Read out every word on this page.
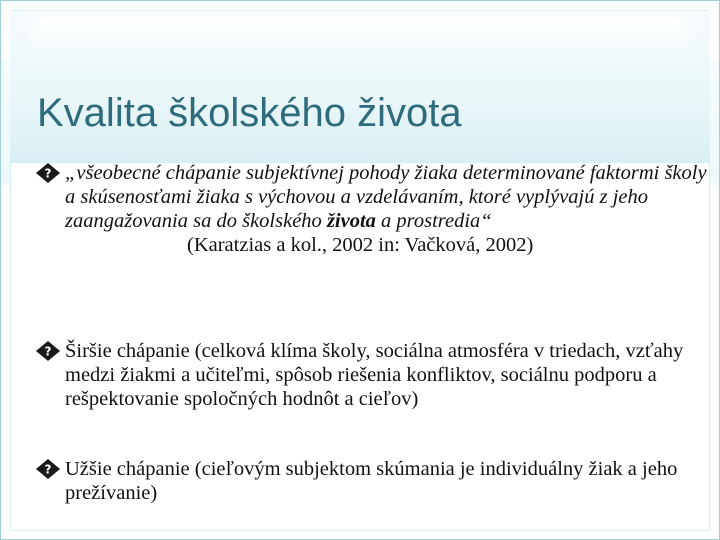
Kvalita školského života

? „všeobecné chápanie subjektívnej pohody žiaka determinované faktormi školy a skúsenosťami žiaka s výchovou a vzdelávaním, ktoré vyplývajú z jeho zaangažovania sa do školského života a prostredia“
(Karatzias a kol., 2002 in: Vačková, 2002)

? Širšie chápanie (celková klíma školy, sociálna atmosféra v triedach, vzťahy medzi žiakmi a učiteľmi, spôsob riešenia konfliktov, sociálnu podporu a rešpektovanie spoločných hodnôt a cieľov)

? Užšie chápanie (cieľovým subjektom skúmania je individuálny žiak a jeho prežívanie)
